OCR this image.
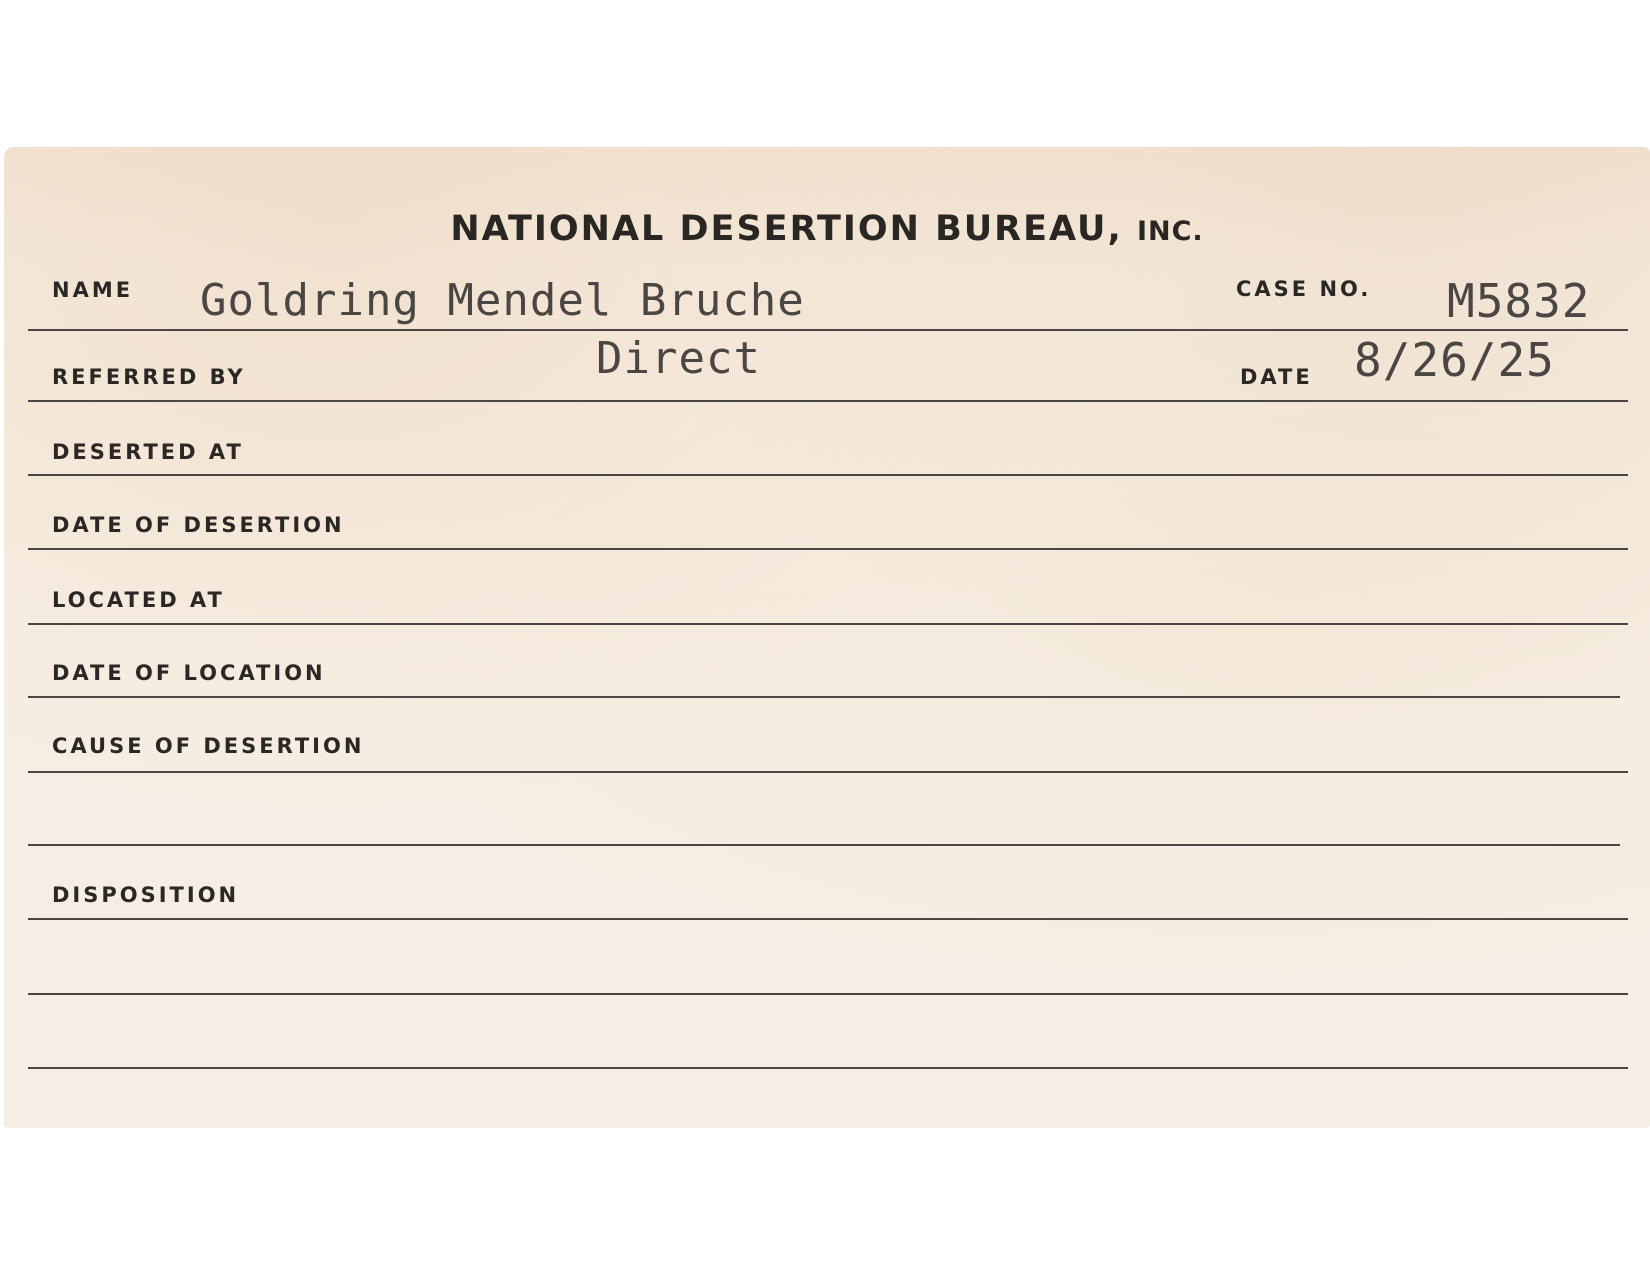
NATIONAL DESERTION BUREAU, INC.
NAME Goldring Mendel Bruche	CASE NO. M5832
REFERRED BY	Direct	DATE 8/26/25
DESERTED AT
DATE OF DESERTION
LOCATED AT
DATE OF LOCATION
CAUSE OF DESERTION
DISPOSITION
